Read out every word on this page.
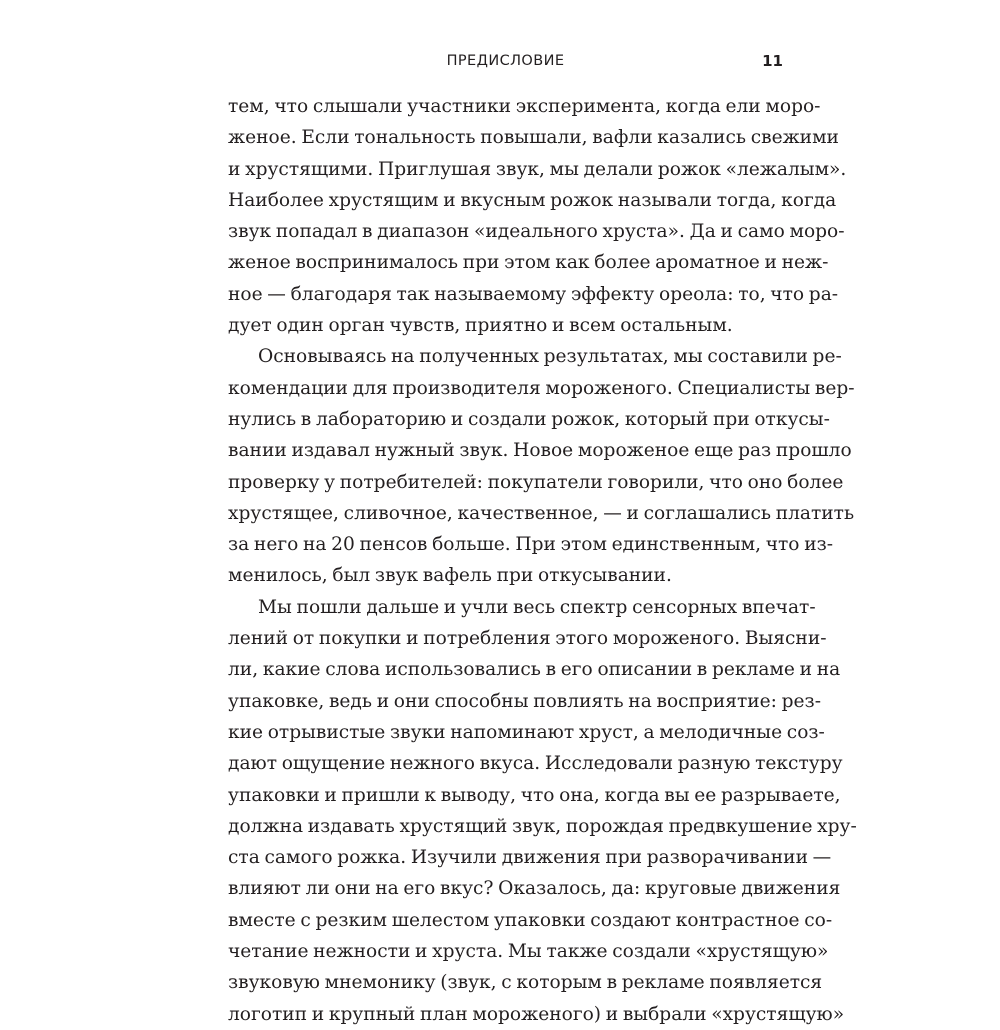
ПРЕДИСЛОВИЕ	11
тем, что слышали участники эксперимента, когда ели моро-
женое. Если тональность повышали, вафли казались свежими
и хрустящими. Приглушая звук, мы делали рожок «лежалым».
Наиболее хрустящим и вкусным рожок называли тогда, когда
звук попадал в диапазон «идеального хруста». Да и само моро-
женое воспринималось при этом как более ароматное и неж-
ное — благодаря так называемому эффекту ореола: то, что ра-
дует один орган чувств, приятно и всем остальным.
Основываясь на полученных результатах, мы составили ре-
комендации для производителя мороженого. Специалисты вер-
нулись в лабораторию и создали рожок, который при откусы-
вании издавал нужный звук. Новое мороженое еще раз прошло
проверку у потребителей: покупатели говорили, что оно более
хрустящее, сливочное, качественное, — и соглашались платить
за него на 20 пенсов больше. При этом единственным, что из-
менилось, был звук вафель при откусывании.
Мы пошли дальше и учли весь спектр сенсорных впечат-
лений от покупки и потребления этого мороженого. Выясни-
ли, какие слова использовались в его описании в рекламе и на
упаковке, ведь и они способны повлиять на восприятие: рез-
кие отрывистые звуки напоминают хруст, а мелодичные соз-
дают ощущение нежного вкуса. Исследовали разную текстуру
упаковки и пришли к выводу, что она, когда вы ее разрываете,
должна издавать хрустящий звук, порождая предвкушение хру-
ста самого рожка. Изучили движения при разворачивании —
влияют ли они на его вкус? Оказалось, да: круговые движения
вместе с резким шелестом упаковки создают контрастное со-
четание нежности и хруста. Мы также создали «хрустящую»
звуковую мнемонику (звук, с которым в рекламе появляется
логотип и крупный план мороженого) и выбрали «хрустящую»
